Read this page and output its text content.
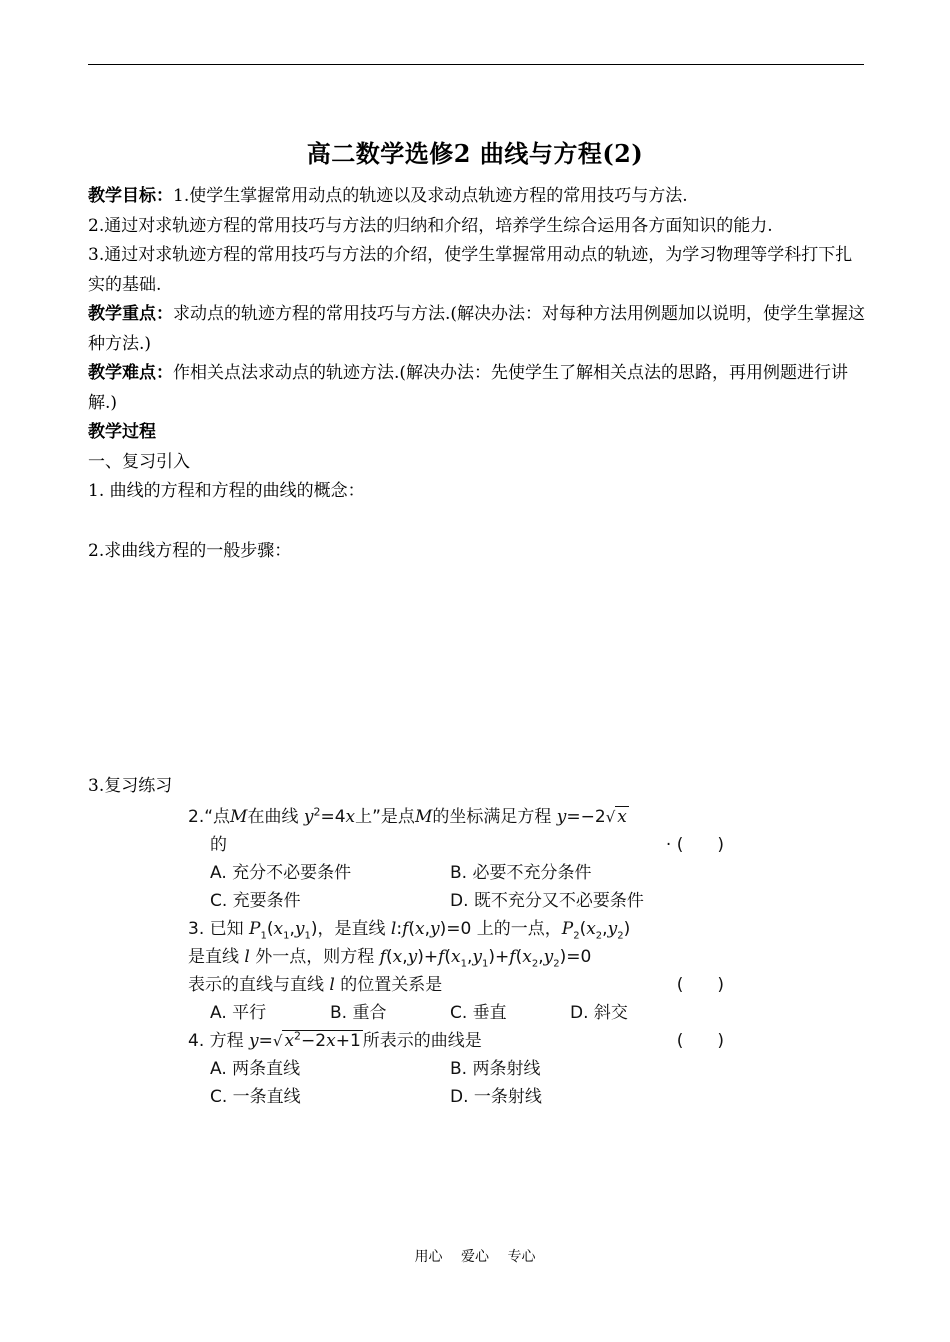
高二数学选修2 曲线与方程(2)

教学目标：1.使学生掌握常用动点的轨迹以及求动点轨迹方程的常用技巧与方法.

2.通过对求轨迹方程的常用技巧与方法的归纳和介绍，培养学生综合运用各方面知识的能力.

3.通过对求轨迹方程的常用技巧与方法的介绍，使学生掌握常用动点的轨迹，为学习物理等学科打下扎实的基础.

教学重点：求动点的轨迹方程的常用技巧与方法.(解决办法：对每种方法用例题加以说明，使学生掌握这种方法.)

教学难点：作相关点法求动点的轨迹方法.(解决办法：先使学生了解相关点法的思路，再用例题进行讲解.)

教学过程

一、复习引入

1. 曲线的方程和方程的曲线的概念：

2.求曲线方程的一般步骤：

3.复习练习

2.“点M在曲线 $y^2=4x$上”是点M的坐标满足方程 y=−2√ x
的	· (　　)
A. 充分不必要条件	B. 必要不充分条件
C. 充要条件	D. 既不充分又不必要条件
3. 已知 $P_1(x_1,y_1)$，是直线 l:f(x,y)=0 上的一点，$P_2(x_2,y_2)$
是直线 l 外一点，则方程 $f(x,y)+f(x_1,y_1)+f(x_2,y_2)=0$
表示的直线与直线 l 的位置关系是	(　　)
A. 平行	B. 重合	C. 垂直	D. 斜交
4. 方程 y=√ $x^2-2x+1$ 所表示的曲线是	(　　)
A. 两条直线	B. 两条射线
C. 一条直线	D. 一条射线
用心 爱心 专心
